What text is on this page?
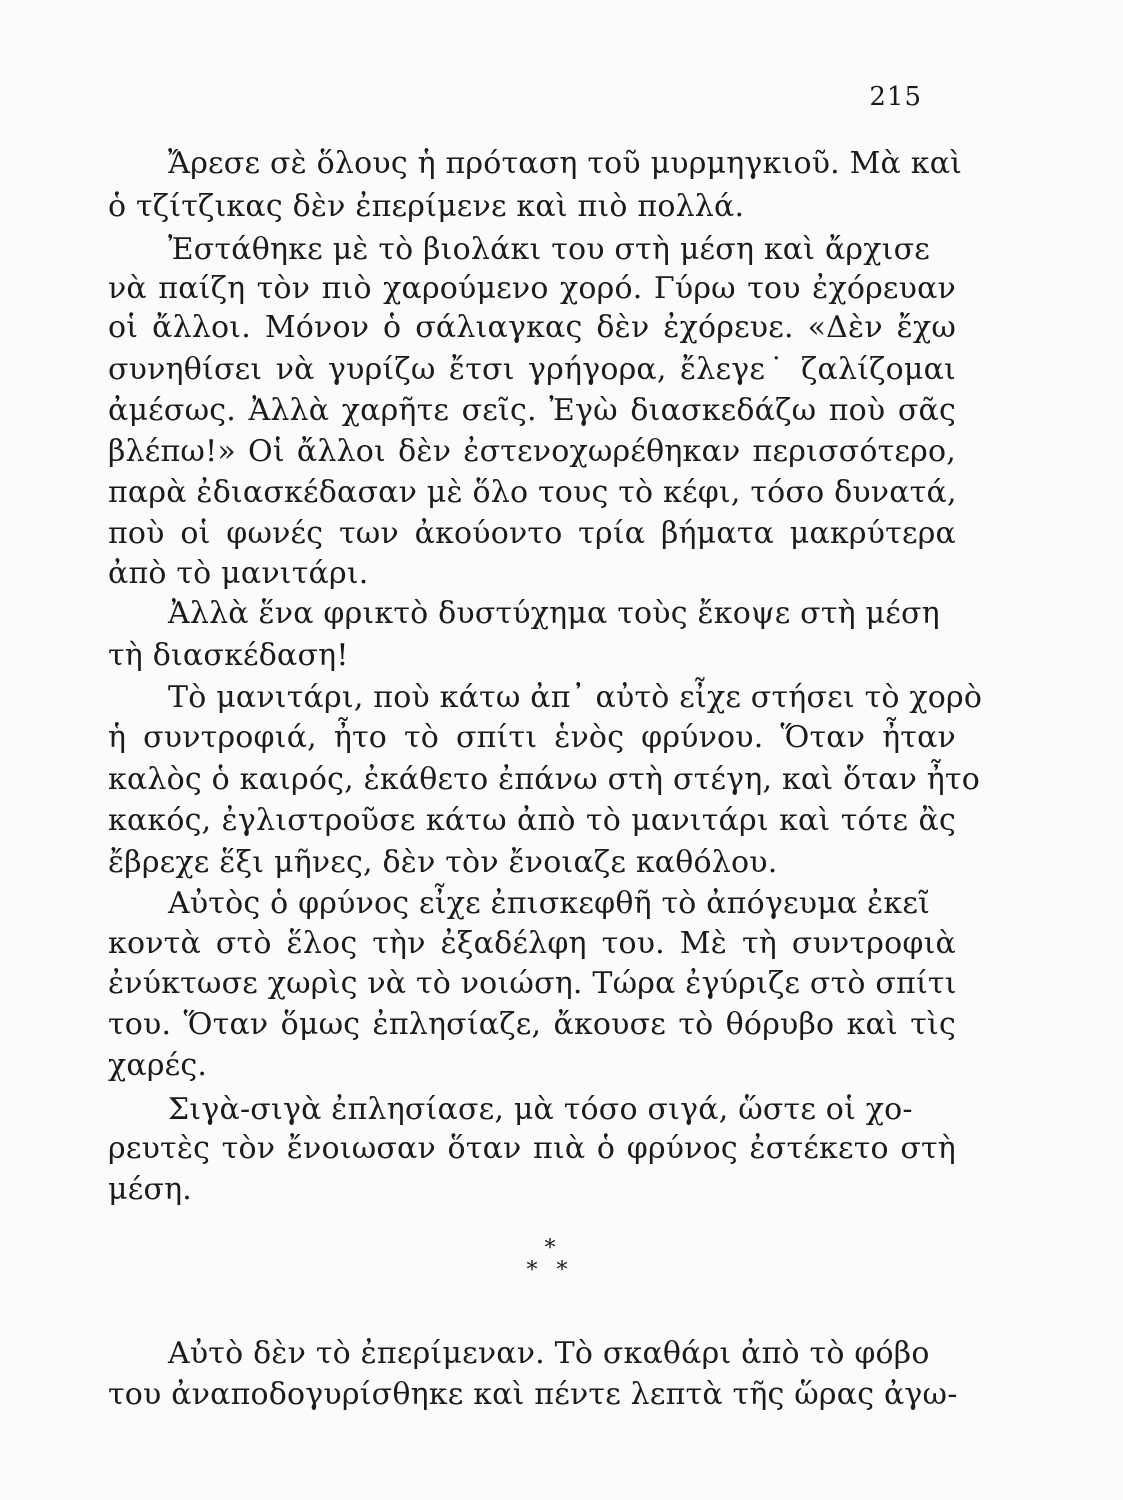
215
Ἄρεσε σὲ ὅλους ἡ πρόταση τοῦ μυρμηγκιοῦ. Μὰ καὶ
ὁ τζίτζικας δὲν ἐπερίμενε καὶ πιὸ πολλά.
Ἐστάθηκε μὲ τὸ βιολάκι του στὴ μέση καὶ ἄρχισε
νὰ παίζη τὸν πιὸ χαρούμενο χορό. Γύρω του ἐχόρευαν
οἱ ἄλλοι. Μόνον ὁ σάλιαγκας δὲν ἐχόρευε. «Δὲν ἔχω
συνηθίσει νὰ γυρίζω ἔτσι γρήγορα, ἔλεγε˙ ζαλίζομαι
ἀμέσως. Ἀλλὰ χαρῆτε σεῖς. Ἐγὼ διασκεδάζω ποὺ σᾶς
βλέπω!» Οἱ ἄλλοι δὲν ἐστενοχωρέθηκαν περισσότερο,
παρὰ ἐδιασκέδασαν μὲ ὅλο τους τὸ κέφι, τόσο δυνατά,
ποὺ οἱ φωνές των ἀκούοντο τρία βήματα μακρύτερα
ἀπὸ τὸ μανιτάρι.
Ἀλλὰ ἕνα φρικτὸ δυστύχημα τοὺς ἔκοψε στὴ μέση
τὴ διασκέδαση!
Τὸ μανιτάρι, ποὺ κάτω ἀπ᾽ αὐτὸ εἶχε στήσει τὸ χορὸ
ἡ συντροφιά, ἦτο τὸ σπίτι ἑνὸς φρύνου. Ὅταν ἦταν
καλὸς ὁ καιρός, ἐκάθετο ἐπάνω στὴ στέγη, καὶ ὅταν ἦτο
κακός, ἐγλιστροῦσε κάτω ἀπὸ τὸ μανιτάρι καὶ τότε ἂς
ἔβρεχε ἕξι μῆνες, δὲν τὸν ἔνοιαζε καθόλου.
Αὐτὸς ὁ φρύνος εἶχε ἐπισκεφθῆ τὸ ἀπόγευμα ἐκεῖ
κοντὰ στὸ ἕλος τὴν ἐξαδέλφη του. Μὲ τὴ συντροφιὰ
ἐνύκτωσε χωρὶς νὰ τὸ νοιώση. Τώρα ἐγύριζε στὸ σπίτι
του. Ὅταν ὅμως ἐπλησίαζε, ἄκουσε τὸ θόρυβο καὶ τὶς
χαρές.
Σιγὰ-σιγὰ ἐπλησίασε, μὰ τόσο σιγά, ὥστε οἱ χο-
ρευτὲς τὸν ἔνοιωσαν ὅταν πιὰ ὁ φρύνος ἐστέκετο στὴ
μέση.
*
* *
Αὐτὸ δὲν τὸ ἐπερίμεναν. Τὸ σκαθάρι ἀπὸ τὸ φόβο
του ἀναποδογυρίσθηκε καὶ πέντε λεπτὰ τῆς ὥρας ἀγω-
